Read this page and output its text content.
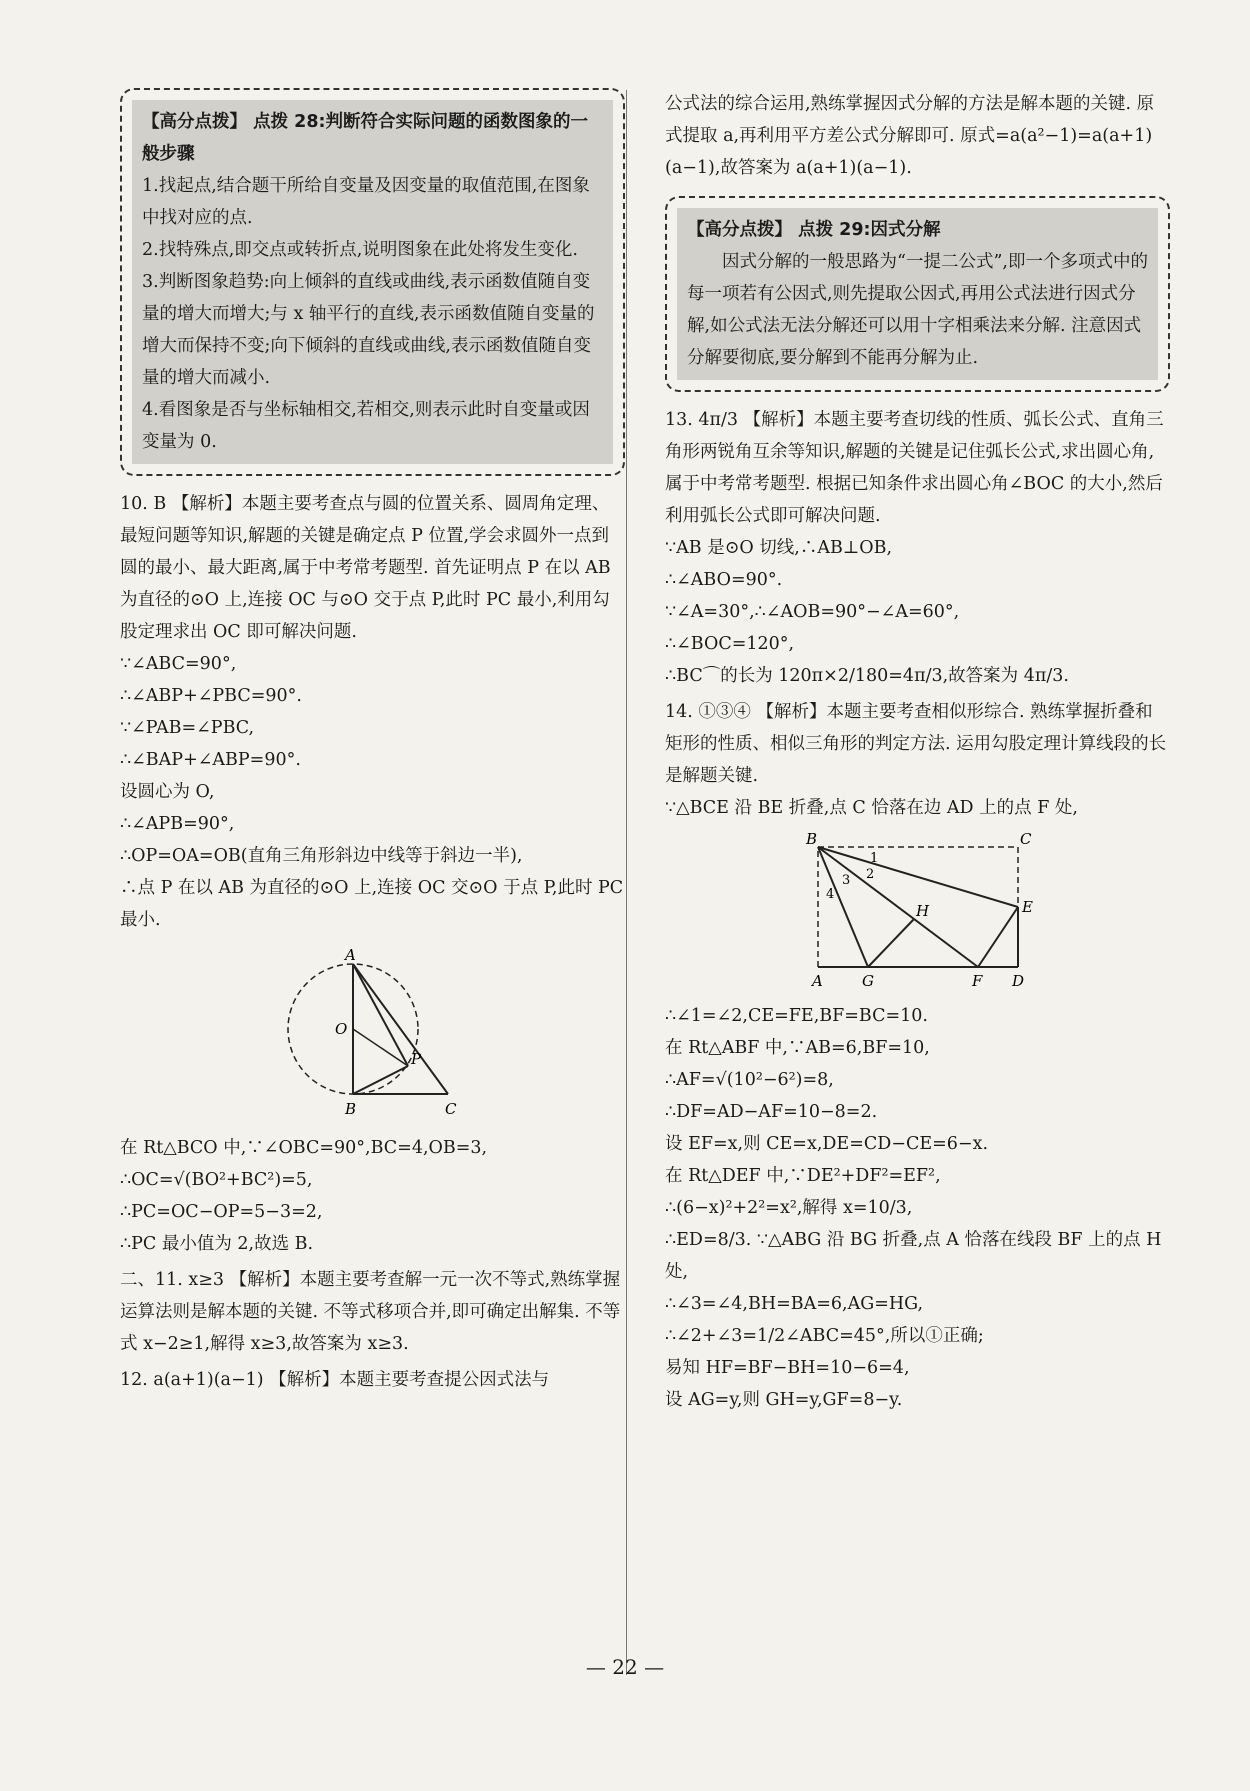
【高分点拨】 点拨 28:判断符合实际问题的函数图象的一般步骤
1.找起点,结合题干所给自变量及因变量的取值范围,在图象中找对应的点.
2.找特殊点,即交点或转折点,说明图象在此处将发生变化.
3.判断图象趋势:向上倾斜的直线或曲线,表示函数值随自变量的增大而增大;与 x 轴平行的直线,表示函数值随自变量的增大而保持不变;向下倾斜的直线或曲线,表示函数值随自变量的增大而减小.
4.看图象是否与坐标轴相交,若相交,则表示此时自变量或因变量为 0.
10. B 【解析】本题主要考查点与圆的位置关系、圆周角定理、最短问题等知识,解题的关键是确定点 P 位置,学会求圆外一点到圆的最小、最大距离,属于中考常考题型. 首先证明点 P 在以 AB 为直径的⊙O 上,连接 OC 与⊙O 交于点 P,此时 PC 最小,利用勾股定理求出 OC 即可解决问题.
∵∠ABC=90°,
∴∠ABP+∠PBC=90°.
∵∠PAB=∠PBC,
∴∠BAP+∠ABP=90°.
设圆心为 O,
∴∠APB=90°,
∴OP=OA=OB(直角三角形斜边中线等于斜边一半),
∴点 P 在以 AB 为直径的⊙O 上,连接 OC 交⊙O 于点 P,此时 PC 最小.
A
O
P
B	C
在 Rt△BCO 中,∵∠OBC=90°,BC=4,OB=3,
∴OC=√(BO²+BC²)=5,
∴PC=OC−OP=5−3=2,
∴PC 最小值为 2,故选 B.
二、11. x≥3 【解析】本题主要考查解一元一次不等式,熟练掌握运算法则是解本题的关键. 不等式移项合并,即可确定出解集. 不等式 x−2≥1,解得 x≥3,故答案为 x≥3.
12. a(a+1)(a−1) 【解析】本题主要考查提公因式法与
公式法的综合运用,熟练掌握因式分解的方法是解本题的关键. 原式提取 a,再利用平方差公式分解即可. 原式=a(a²−1)=a(a+1)(a−1),故答案为 a(a+1)(a−1).
【高分点拨】 点拨 29:因式分解
因式分解的一般思路为“一提二公式”,即一个多项式中的每一项若有公因式,则先提取公因式,再用公式法进行因式分解,如公式法无法分解还可以用十字相乘法来分解. 注意因式分解要彻底,要分解到不能再分解为止.
13. 4π/3 【解析】本题主要考查切线的性质、弧长公式、直角三角形两锐角互余等知识,解题的关键是记住弧长公式,求出圆心角,属于中考常考题型. 根据已知条件求出圆心角∠BOC 的大小,然后利用弧长公式即可解决问题.
∵AB 是⊙O 切线,∴AB⊥OB,
∴∠ABO=90°.
∵∠A=30°,∴∠AOB=90°−∠A=60°,
∴∠BOC=120°,
∴BC⌒的长为 120π×2/180=4π/3,故答案为 4π/3.
14. ①③④ 【解析】本题主要考查相似形综合. 熟练掌握折叠和矩形的性质、相似三角形的判定方法. 运用勾股定理计算线段的长是解题关键.
∵△BCE 沿 BE 折叠,点 C 恰落在边 AD 上的点 F 处,
B	C
E
A	G	F D
H
1
2
3
4
∴∠1=∠2,CE=FE,BF=BC=10.
在 Rt△ABF 中,∵AB=6,BF=10,
∴AF=√(10²−6²)=8,
∴DF=AD−AF=10−8=2.
设 EF=x,则 CE=x,DE=CD−CE=6−x.
在 Rt△DEF 中,∵DE²+DF²=EF²,
∴(6−x)²+2²=x²,解得 x=10/3,
∴ED=8/3. ∵△ABG 沿 BG 折叠,点 A 恰落在线段 BF 上的点 H 处,
∴∠3=∠4,BH=BA=6,AG=HG,
∴∠2+∠3=1/2∠ABC=45°,所以①正确;
易知 HF=BF−BH=10−6=4,
设 AG=y,则 GH=y,GF=8−y.
— 22 —
